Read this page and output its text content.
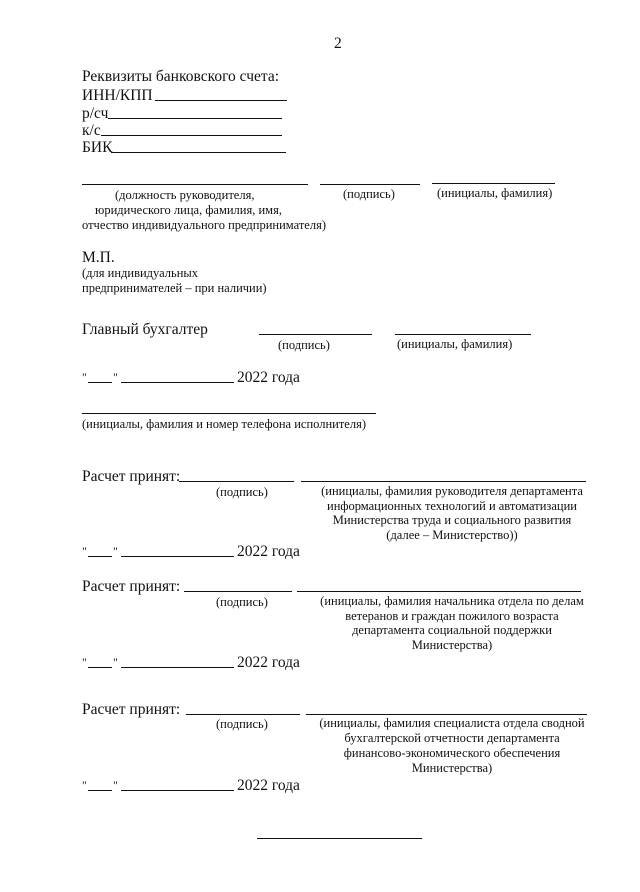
2
Реквизиты банковского счета:
ИНН/КПП
р/сч
к/с
БИК
(должность руководителя,	(подпись)	(инициалы, фамилия)
юридического лица, фамилия, имя,
отчество индивидуального предпринимателя)
М.П.
(для индивидуальных
предпринимателей – при наличии)
Главный бухгалтер
(подпись)	(инициалы, фамилия)
" "	2022 года
(инициалы, фамилия и номер телефона исполнителя)
Расчет принят:
(подпись)	(инициалы, фамилия руководителя департамента
информационных технологий и автоматизации
Министерства труда и социального развития
(далее – Министерство))
" "	2022 года
Расчет принят:
(подпись)	(инициалы, фамилия начальника отдела по делам
ветеранов и граждан пожилого возраста
департамента социальной поддержки
Министерства)
" "	2022 года
Расчет принят:
(подпись)	(инициалы, фамилия специалиста отдела сводной
бухгалтерской отчетности департамента
финансово-экономического обеспечения
Министерства)
" "	2022 года
